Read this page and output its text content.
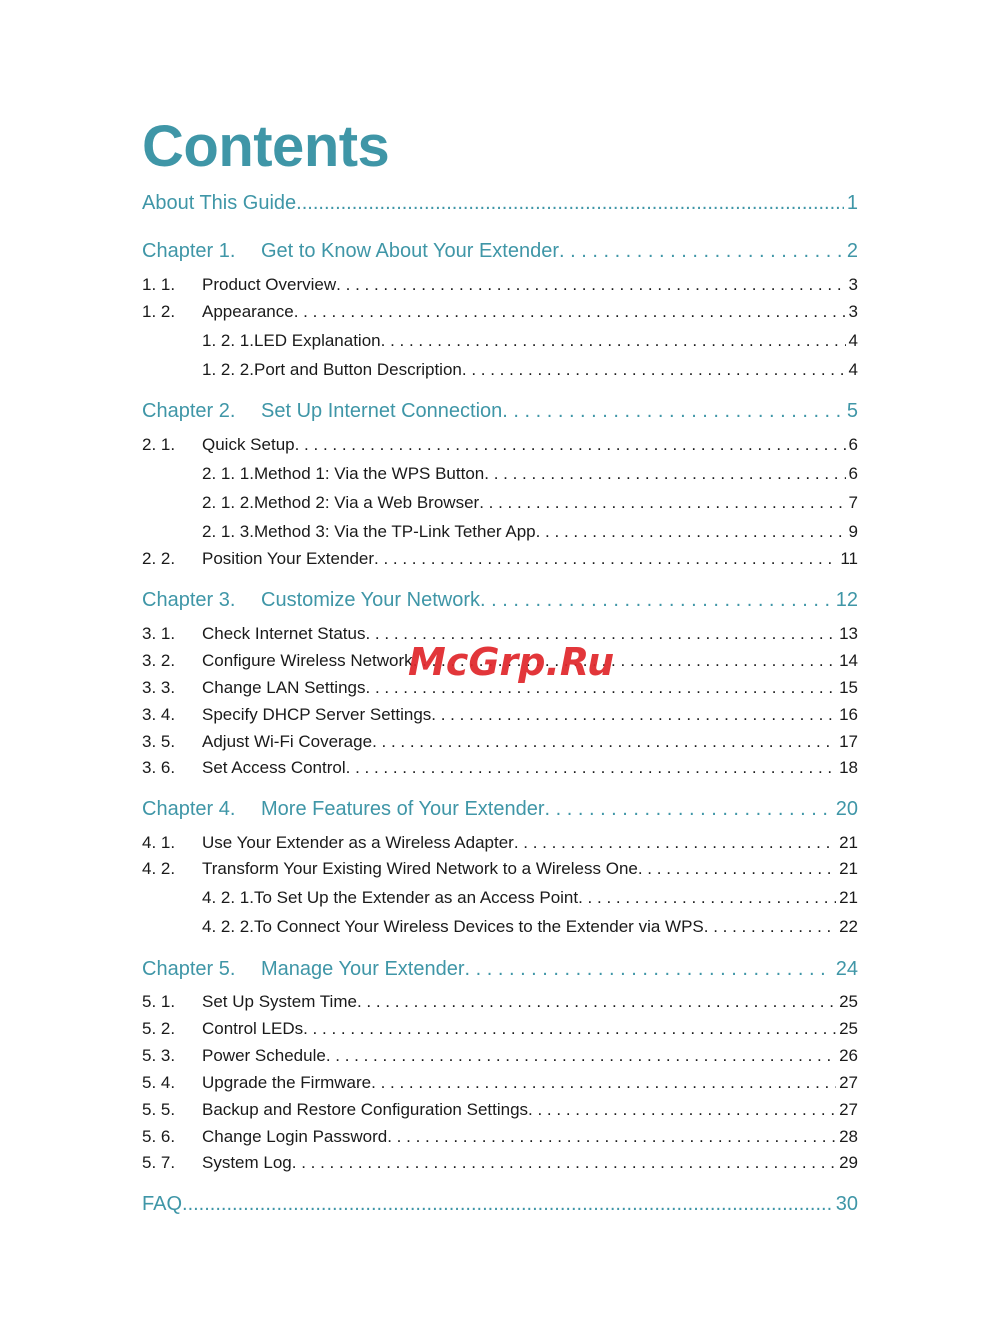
Contents
About This Guide .....	1
Chapter 1.	Get to Know About Your Extender . . .	2
1. 1.	Product Overview . . .	3
1. 2.	Appearance . . .	3
1. 2. 1.LED Explanation . . .	4
1. 2. 2.Port and Button Description . . .	4
Chapter 2.	Set Up Internet Connection . . .	5
2. 1.	Quick Setup . . .	6
2. 1. 1.Method 1: Via the WPS Button . . .	6
2. 1. 2.Method 2: Via a Web Browser . . .	7
2. 1. 3.Method 3: Via the TP-Link Tether App . . .	9
2. 2.	Position Your Extender . . .	11
Chapter 3.	Customize Your Network . . .	12
3. 1.	Check Internet Status . . .	13
3. 2.	Configure Wireless Network . . .	14
3. 3.	Change LAN Settings . . .	15
3. 4.	Specify DHCP Server Settings . . .	16
3. 5.	Adjust Wi-Fi Coverage . . .	17
3. 6.	Set Access Control . . .	18
Chapter 4.	More Features of Your Extender . . .	20
4. 1.	Use Your Extender as a Wireless Adapter . . .	21
4. 2.	Transform Your Existing Wired Network to a Wireless One . . .	21
4. 2. 1.To Set Up the Extender as an Access Point . . .	21
4. 2. 2.To Connect Your Wireless Devices to the Extender via WPS . . .	22
Chapter 5.	Manage Your Extender . . .	24
5. 1.	Set Up System Time . . .	25
5. 2.	Control LEDs . . .	25
5. 3.	Power Schedule . . .	26
5. 4.	Upgrade the Firmware . . .	27
5. 5.	Backup and Restore Configuration Settings . . .	27
5. 6.	Change Login Password . . .	28
5. 7.	System Log . . .	29
FAQ .....	30
McGrp.Ru
